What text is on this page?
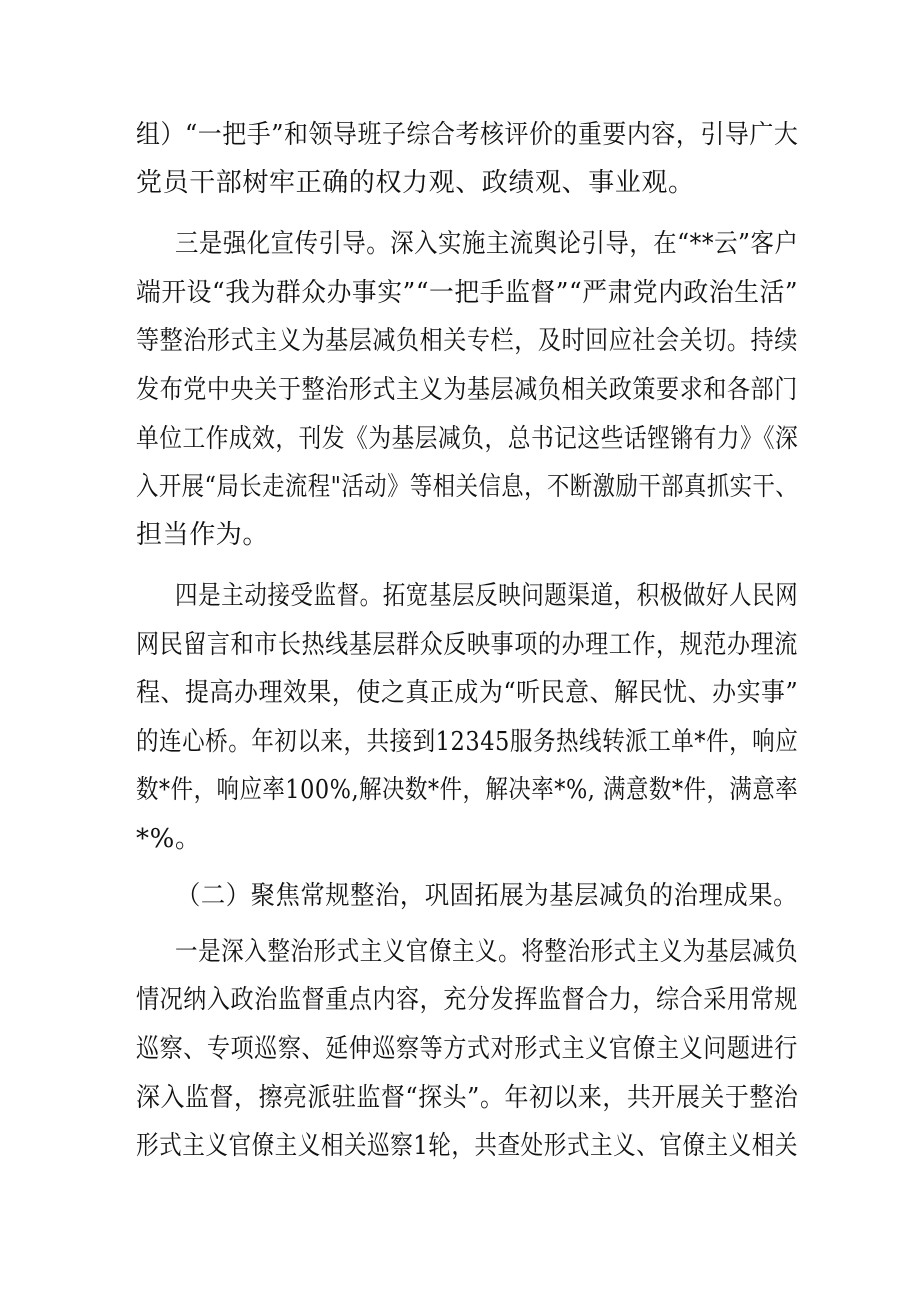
组）“一把手”和领导班子综合考核评价的重要内容，引导广大
党员干部树牢正确的权力观、政绩观、事业观。
三是强化宣传引导。深入实施主流舆论引导，在“**云”客户
端开设“我为群众办事实”“一把手监督”“严肃党内政治生活”
等整治形式主义为基层减负相关专栏，及时回应社会关切。持续
发布党中央关于整治形式主义为基层减负相关政策要求和各部门
单位工作成效，刊发《为基层减负，总书记这些话铿锵有力》《深
入开展“局长走流程"活动》等相关信息，不断激励干部真抓实干、
担当作为。
四是主动接受监督。拓宽基层反映问题渠道，积极做好人民网
网民留言和市长热线基层群众反映事项的办理工作，规范办理流
程、提高办理效果，使之真正成为“听民意、解民忧、办实事”
的连心桥。年初以来，共接到12345服务热线转派工单*件，响应
数*件，响应率100%,解决数*件，解决率*%, 满意数*件，满意率
*%。
（二）聚焦常规整治，巩固拓展为基层减负的治理成果。
一是深入整治形式主义官僚主义。将整治形式主义为基层减负
情况纳入政治监督重点内容，充分发挥监督合力，综合采用常规
巡察、专项巡察、延伸巡察等方式对形式主义官僚主义问题进行
深入监督，擦亮派驻监督“探头”。年初以来，共开展关于整治
形式主义官僚主义相关巡察1轮，共查处形式主义、官僚主义相关
